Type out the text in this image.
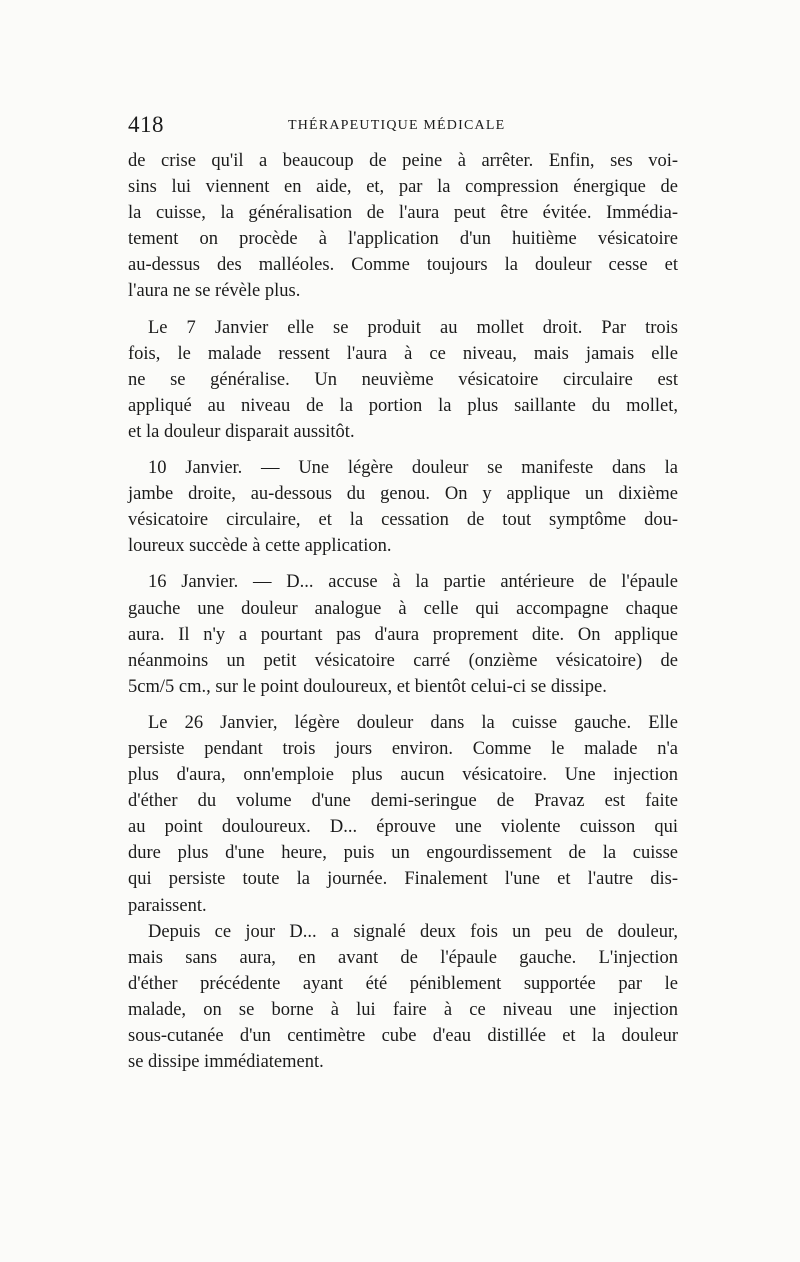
418	THÉRAPEUTIQUE MÉDICALE

de crise qu'il a beaucoup de peine à arrêter. Enfin, ses voi-
sins lui viennent en aide, et, par la compression énergique de
la cuisse, la généralisation de l'aura peut être évitée. Immédia-
tement on procède à l'application d'un huitième vésicatoire
au-dessus des malléoles. Comme toujours la douleur cesse et
l'aura ne se révèle plus.

Le 7 Janvier elle se produit au mollet droit. Par trois
fois, le malade ressent l'aura à ce niveau, mais jamais elle
ne se généralise. Un neuvième vésicatoire circulaire est
appliqué au niveau de la portion la plus saillante du mollet,
et la douleur disparait aussitôt.

10 Janvier. — Une légère douleur se manifeste dans la
jambe droite, au-dessous du genou. On y applique un dixième
vésicatoire circulaire, et la cessation de tout symptôme dou-
loureux succède à cette application.

16 Janvier. — D... accuse à la partie antérieure de l'épaule
gauche une douleur analogue à celle qui accompagne chaque
aura. Il n'y a pourtant pas d'aura proprement dite. On applique
néanmoins un petit vésicatoire carré (onzième vésicatoire) de
5cm/5 cm., sur le point douloureux, et bientôt celui-ci se dissipe.

Le 26 Janvier, légère douleur dans la cuisse gauche. Elle
persiste pendant trois jours environ. Comme le malade n'a
plus d'aura, onn'emploie plus aucun vésicatoire. Une injection
d'éther du volume d'une demi-seringue de Pravaz est faite
au point douloureux. D... éprouve une violente cuisson qui
dure plus d'une heure, puis un engourdissement de la cuisse
qui persiste toute la journée. Finalement l'une et l'autre dis-
paraissent.

Depuis ce jour D... a signalé deux fois un peu de douleur,
mais sans aura, en avant de l'épaule gauche. L'injection
d'éther précédente ayant été péniblement supportée par le
malade, on se borne à lui faire à ce niveau une injection
sous-cutanée d'un centimètre cube d'eau distillée et la douleur
se dissipe immédiatement.
